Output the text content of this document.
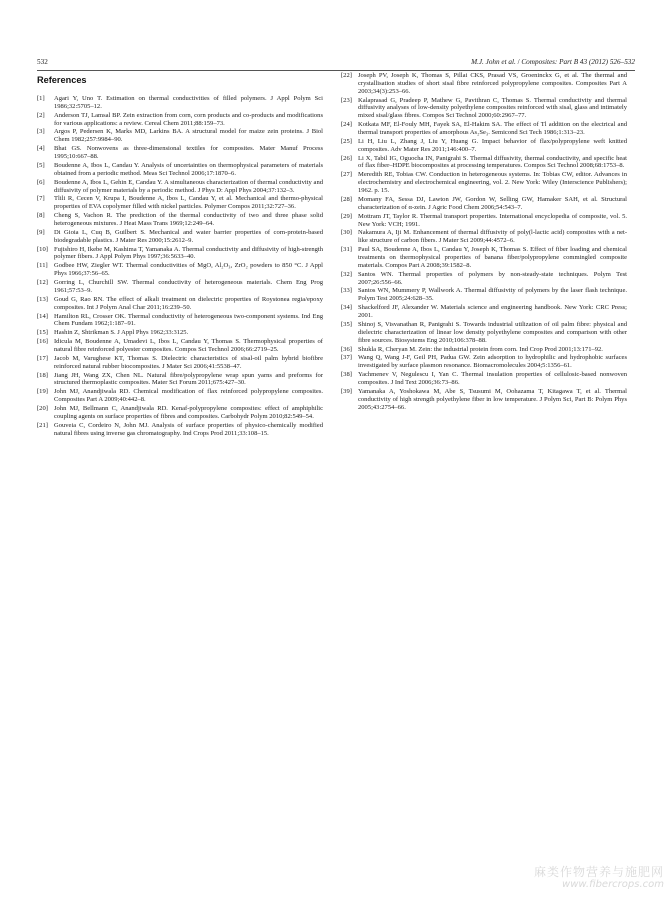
532	M.J. John et al. / Composites: Part B 43 (2012) 526–532
References
[1]	Agari Y, Uno T. Estimation on thermal conductivities of filled polymers. J Appl Polym Sci 1986;32:5705–12.
[2]	Anderson TJ, Lamsal BP. Zein extraction from corn, corn products and co-products and modifications for various applications: a review. Cereal Chem 2011;88:159–73.
[3]	Argos P, Pedersen K, Marks MD, Larkins BA. A structural model for maize zein proteins. J Biol Chem 1982;257:9984–90.
[4]	Bhat GS. Nonwovens as three-dimensional textiles for composites. Mater Manuf Process 1995;10:667–88.
[5]	Boudenne A, Ibos L, Candau Y. Analysis of uncertainties on thermophysical parameters of materials obtained from a periodic method. Meas Sci Technol 2006;17:1870–6.
[6]	Boudenne A, Ibos L, Gehin E, Candau Y. A simultaneous characterization of thermal conductivity and diffusivity of polymer materials by a periodic method. J Phys D: Appl Phys 2004;37:132–3.
[7]	Tlili R, Cecen V, Krupa I, Boudenne A, Ibos L, Candau Y, et al. Mechanical and thermo-physical properties of EVA copolymer filled with nickel particles. Polymer Compos 2011;32:727–36.
[8]	Cheng S, Vachon R. The prediction of the thermal conductivity of two and three phase solid heterogeneous mixtures. J Heat Mass Trans 1969;12:249–64.
[9]	Di Gioia L, Cuq B, Guilbert S. Mechanical and water barrier properties of corn-protein-based biodegradable plastics. J Mater Res 2000;15:2612–9.
[10] Fujishiro H, Ikebe M, Kashima T, Yamanaka A. Thermal conductivity and diffusivity of high-strength polymer fibers. J Appl Polym Phys 1997;36:5633–40.
[11] Godbee HW, Ziegler WT. Thermal conductivities of MgO, Al₂O₃, ZrO₂ powders to 850 °C. J Appl Phys 1966;37:56–65.
[12] Gorring L, Churchill SW. Thermal conductivity of heterogeneous materials. Chem Eng Prog 1961;57:53–9.
[13] Goud G, Rao RN. The effect of alkali treatment on dielectric properties of Roystonea regia/epoxy composites. Int J Polym Anal Char 2011;16:239–50.
[14] Hamilton RL, Crosser OK. Thermal conductivity of heterogeneous two-component systems. Ind Eng Chem Fundam 1962;1:187–91.
[15] Hashin Z, Shtrikman S. J Appl Phys 1962;33:3125.
[16] Idicula M, Boudenne A, Umadevi L, Ibos L, Candau Y, Thomas S. Thermophysical properties of natural fibre reinforced polyester composites. Compos Sci Technol 2006;66:2719–25.
[17] Jacob M, Varughese KT, Thomas S. Dielectric characteristics of sisal-oil palm hybrid biofibre reinforced natural rubber biocomposites. J Mater Sci 2006;41:5538–47.
[18] Jiang JH, Wang ZX, Chen NL. Natural fibre/polypropylene wrap spun yarns and preforms for structured thermoplastic composites. Mater Sci Forum 2011;675:427–30.
[19] John MJ, Anandjiwala RD. Chemical modification of flax reinforced polypropylene composites. Composites Part A 2009;40:442–8.
[20] John MJ, Bellmann C, Anandjiwala RD. Kenaf-polypropylene composites: effect of amphiphilic coupling agents on surface properties of fibres and composites. Carbohydr Polym 2010;82:549–54.
[21] Gouveia C, Cordeiro N, John MJ. Analysis of surface properties of physico-chemically modified natural fibres using inverse gas chromatography. Ind Crops Prod 2011;33:108–15.
[22] Joseph PV, Joseph K, Thomas S, Pillai CKS, Prasad VS, Groeninckx G, et al. The thermal and crystallisation studies of short sisal fibre reinforced polypropylene composites. Composites Part A 2003;34(3):253–66.
[23] Kalaprasad G, Pradeep P, Mathew G, Pavithran C, Thomas S. Thermal conductivity and thermal diffusivity analyses of low-density polyethylene composites reinforced with sisal, glass and intimately mixed sisal/glass fibres. Compos Sci Technol 2000;60:2967–77.
[24] Kotkata MF, El-Fouly MH, Fayek SA, El-Hakim SA. The effect of Tl addition on the electrical and thermal transport properties of amorphous As₂Se₃. Semicond Sci Tech 1986;1:313–23.
[25] Li H, Liu L, Zhang J, Liu Y, Huang G. Impact behavior of flax/polypropylene weft knitted composites. Adv Mater Res 2011;146:400–7.
[26] Li X, Tabil IG, Oguocha IN, Panigrahi S. Thermal diffusivity, thermal conductivity, and specific heat of flax fiber–HDPE biocomposites at processing temperatures. Compos Sci Technol 2008;68:1753–8.
[27] Meredith RE, Tobias CW. Conduction in heterogeneous systems. In: Tobias CW, editor. Advances in electrochemistry and electrochemical engineering, vol. 2. New York: Wiley (Interscience Publishers); 1962. p. 15.
[28] Momany FA, Sessa DJ, Lawton JW, Gordon W, Selling GW, Hamaker SAH, et al. Structural characterization of α-zein. J Agric Food Chem 2006;54:543–7.
[29] Mottram JT, Taylor R. Thermal transport properties. International encyclopedia of composite, vol. 5. New York: VCH; 1991.
[30] Nakamura A, Iji M. Enhancement of thermal diffusivity of poly(l-lactic acid) composites with a net-like structure of carbon fibers. J Mater Sci 2009;44:4572–6.
[31] Paul SA, Boudenne A, Ibos L, Candau Y, Joseph K, Thomas S. Effect of fiber loading and chemical treatments on thermophysical properties of banana fiber/polypropylene commingled composite materials. Compos Part A 2008;39:1582–8.
[32] Santos WN. Thermal properties of polymers by non-steady-state techniques. Polym Test 2007;26:556–66.
[33] Santos WN, Mummery P, Wallwork A. Thermal diffusivity of polymers by the laser flash technique. Polym Test 2005;24:628–35.
[34] Shackelford JF, Alexander W. Materials science and engineering handbook. New York: CRC Press; 2001.
[35] Shinoj S, Visvanathan R, Panigrahi S. Towards industrial utilization of oil palm fibre: physical and dielectric characterization of linear low density polyethylene composites and comparison with other fibre sources. Biosystems Eng 2010;106:378–88.
[36] Shukla R, Cheryan M. Zein: the industrial protein from corn. Ind Crop Prod 2001;13:171–92.
[37] Wang Q, Wang J-F, Geil PH, Padua GW. Zein adsorption to hydrophilic and hydrophobic surfaces investigated by surface plasmon resonance. Biomacromolecules 2004;5:1356–61.
[38] Yachmenev V, Negulescu I, Yan C. Thermal insulation properties of cellulosic-based nonwoven composites. J Ind Text 2006;36:73–86.
[39] Yamanaka A, Yoshokawa M, Abe S, Tsusumi M, Oohazama T, Kitagawa T, et al. Thermal conductivity of high strength polyethylene fiber in low temperature. J Polym Sci, Part B: Polym Phys 2005;43:2754–66.
麻类作物营养与施肥网
www.fibercrops.com
